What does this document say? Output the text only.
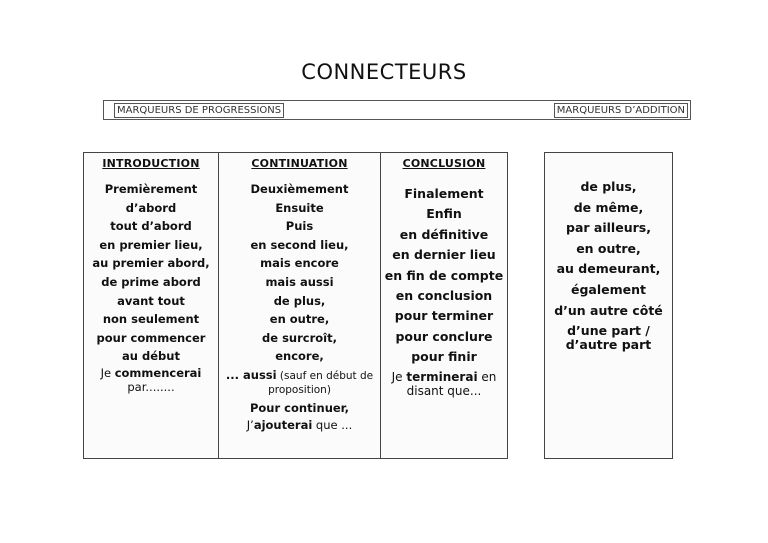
CONNECTEURS
MARQUEURS DE PROGRESSIONS	MARQUEURS D’ADDITION
INTRODUCTION
Premièrement
d’abord
tout d’abord
en premier lieu,
au premier abord,
de prime abord
avant tout
non seulement
pour commencer
au début
Je commencerai par........
CONTINUATION
Deuxièmement
Ensuite
Puis
en second lieu,
mais encore
mais aussi
de plus,
en outre,
de surcroît,
encore,
... aussi (sauf en début de proposition)
Pour continuer,
J’ajouterai que ...
CONCLUSION
Finalement
Enfin
en définitive
en dernier lieu
en fin de compte
en conclusion
pour terminer
pour conclure
pour finir
Je terminerai en disant que...
de plus,
de même,
par ailleurs,
en outre,
au demeurant,
également
d’un autre côté
d’une part /
d’autre part
